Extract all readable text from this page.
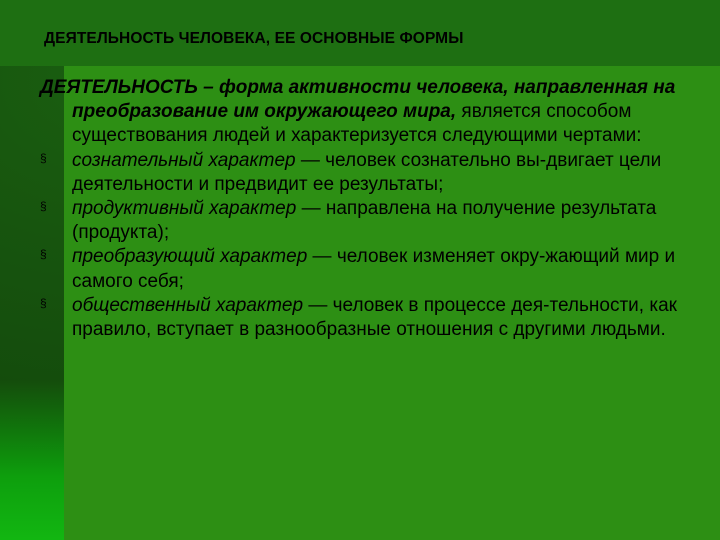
ДЕЯТЕЛЬНОСТЬ ЧЕЛОВЕКА, ЕЕ ОСНОВНЫЕ ФОРМЫ

ДЕЯТЕЛЬНОСТЬ – форма активности человека, направленная на преобразование им окружающего мира, является способом существования людей и характеризуется следующими чертами:

§
сознательный характер — человек сознательно вы-двигает цели деятельности и предвидит ее результаты;
§
продуктивный характер — направлена на получение результата (продукта);
§
преобразующий характер — человек изменяет окру-жающий мир и самого себя;
§
общественный характер — человек в процессе дея-тельности, как правило, вступает в разнообразные отношения с другими людьми.
